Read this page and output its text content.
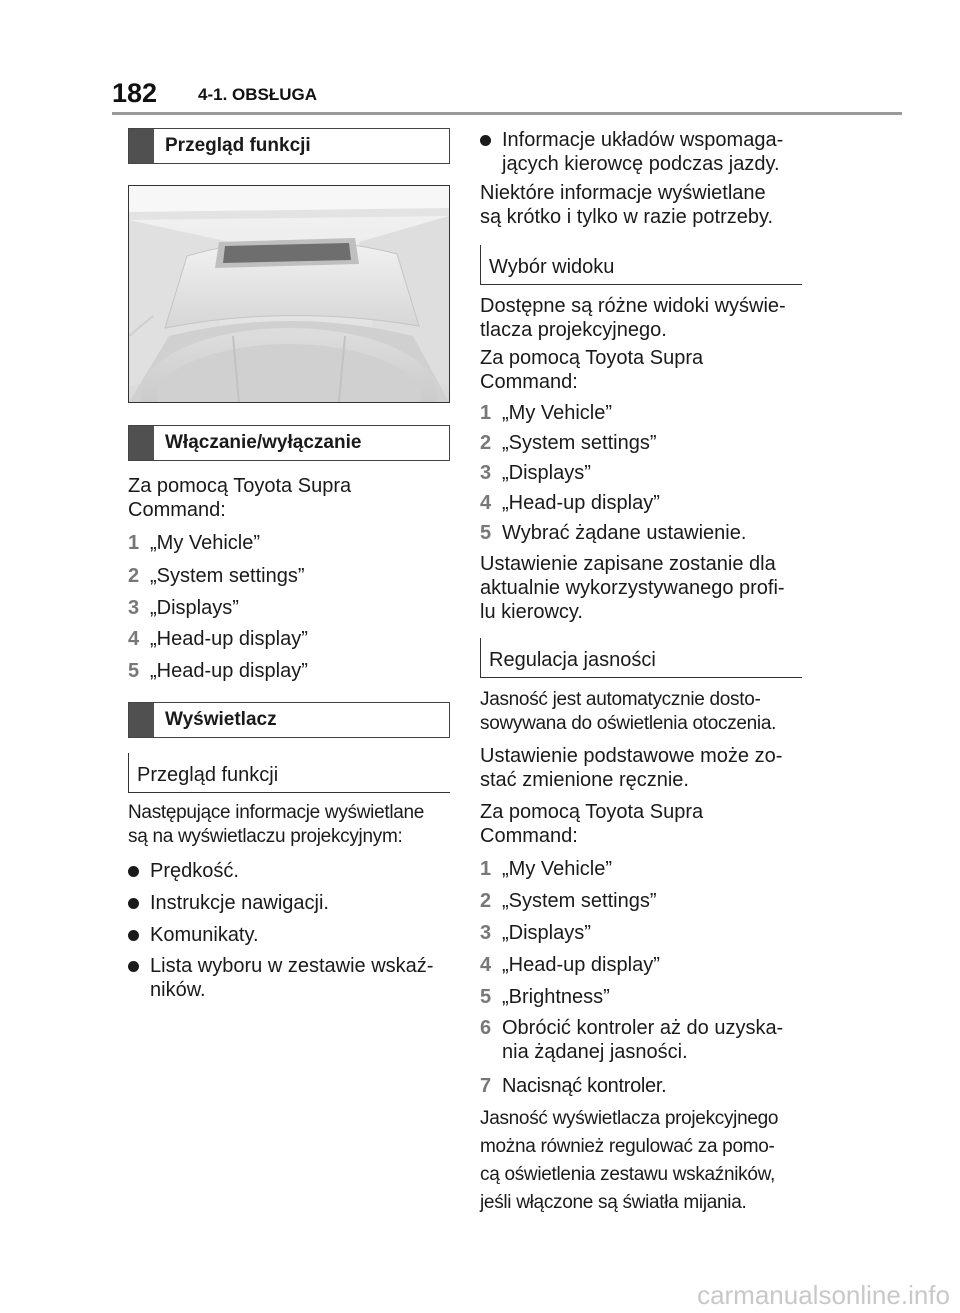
182 4-1. OBSŁUGA
Przegląd funkcji
Włączanie/wyłączanie
Za pomocą Toyota Supra
Command:
1 „My Vehicle”
2 „System settings”
3 „Displays”
4 „Head-up display”
5 „Head-up display”
Wyświetlacz
Przegląd funkcji
Następujące informacje wyświetlane
są na wyświetlaczu projekcyjnym:
Prędkość.
Instrukcje nawigacji.
Komunikaty.
Lista wyboru w zestawie wskaź-
ników.
Informacje układów wspomaga-
jących kierowcę podczas jazdy.
Niektóre informacje wyświetlane
są krótko i tylko w razie potrzeby.
Wybór widoku
Dostępne są różne widoki wyświe-
tlacza projekcyjnego.
Za pomocą Toyota Supra
Command:
1 „My Vehicle”
2 „System settings”
3 „Displays”
4 „Head-up display”
5 Wybrać żądane ustawienie.
Ustawienie zapisane zostanie dla
aktualnie wykorzystywanego profi-
lu kierowcy.
Regulacja jasności
Jasność jest automatycznie dosto-
sowywana do oświetlenia otoczenia.
Ustawienie podstawowe może zo-
stać zmienione ręcznie.
Za pomocą Toyota Supra
Command:
1 „My Vehicle”
2 „System settings”
3 „Displays”
4 „Head-up display”
5 „Brightness”
6 Obrócić kontroler aż do uzyska-
nia żądanej jasności.
7 Nacisnąć kontroler.
Jasność wyświetlacza projekcyjnego
można również regulować za pomo-
cą oświetlenia zestawu wskaźników,
jeśli włączone są światła mijania.
carmanualsonline.info
